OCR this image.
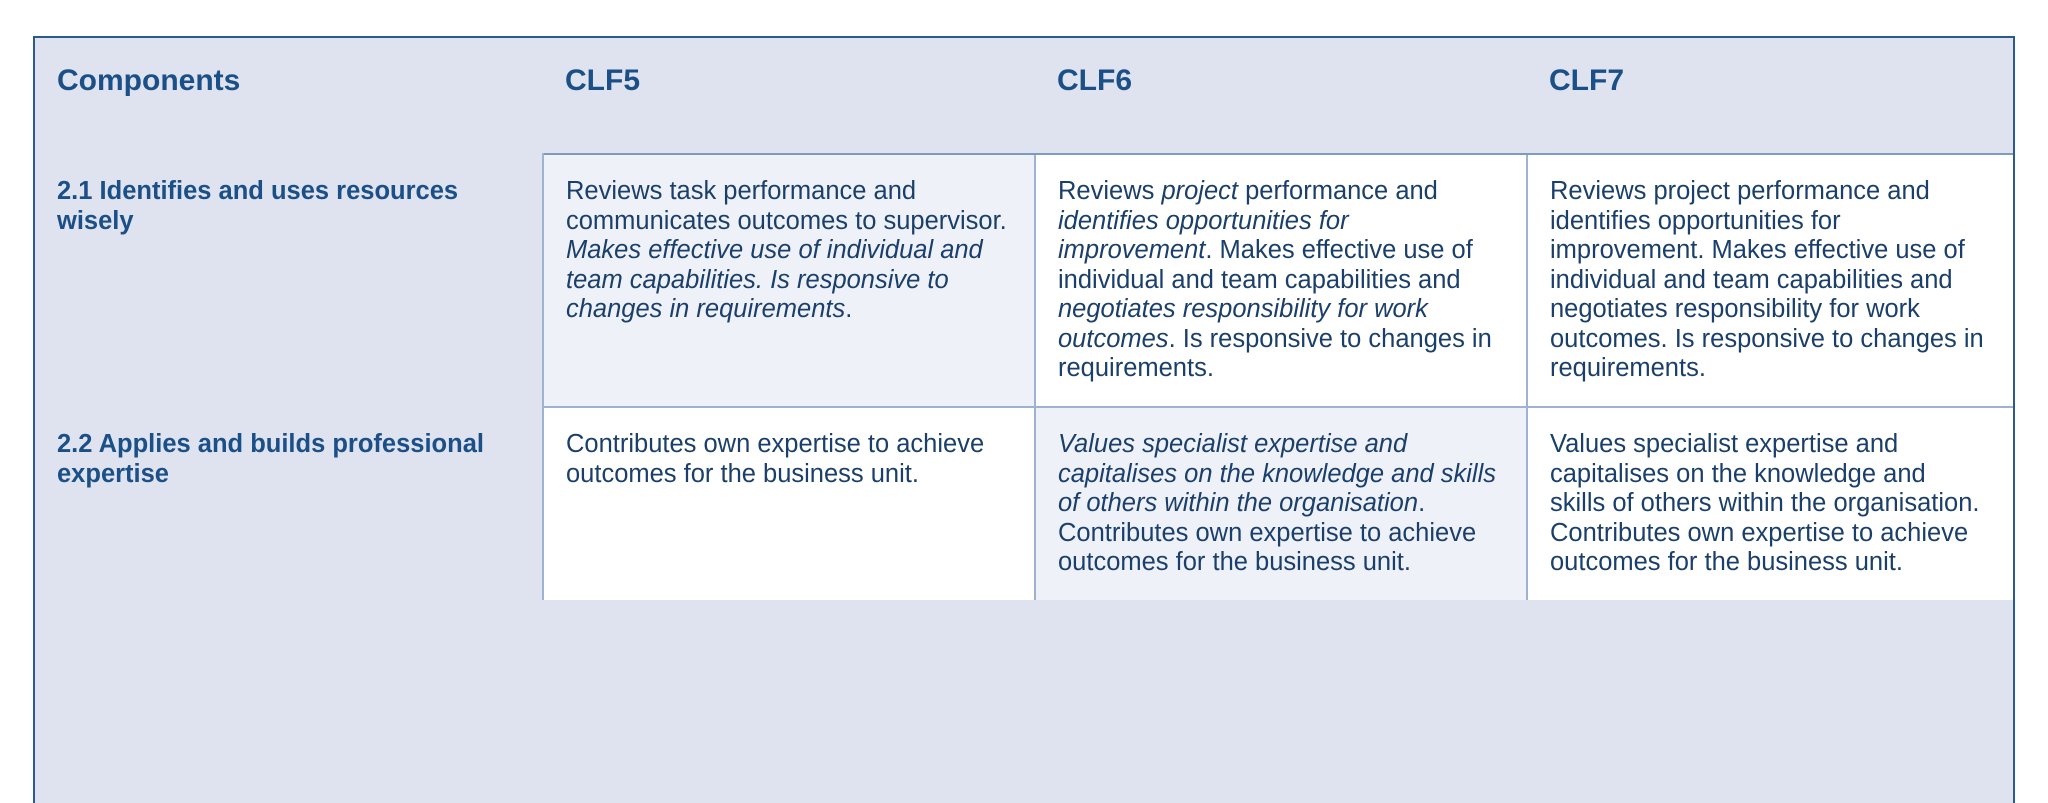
Components	CLF5	CLF6	CLF7
2.1 Identifies and uses resources wisely	Reviews task performance and communicates outcomes to supervisor. Makes effective use of individual and team capabilities. Is responsive to changes in requirements.	Reviews project performance and identifies opportunities for improvement. Makes effective use of individual and team capabilities and negotiates responsibility for work outcomes. Is responsive to changes in requirements.	Reviews project performance and identifies opportunities for improvement. Makes effective use of individual and team capabilities and negotiates responsibility for work outcomes. Is responsive to changes in requirements.
2.2 Applies and builds professional expertise	Contributes own expertise to achieve outcomes for the business unit.	Values specialist expertise and capitalises on the knowledge and skills of others within the organisation. Contributes own expertise to achieve outcomes for the business unit.	Values specialist expertise and capitalises on the knowledge and skills of others within the organisation. Contributes own expertise to achieve outcomes for the business unit.
